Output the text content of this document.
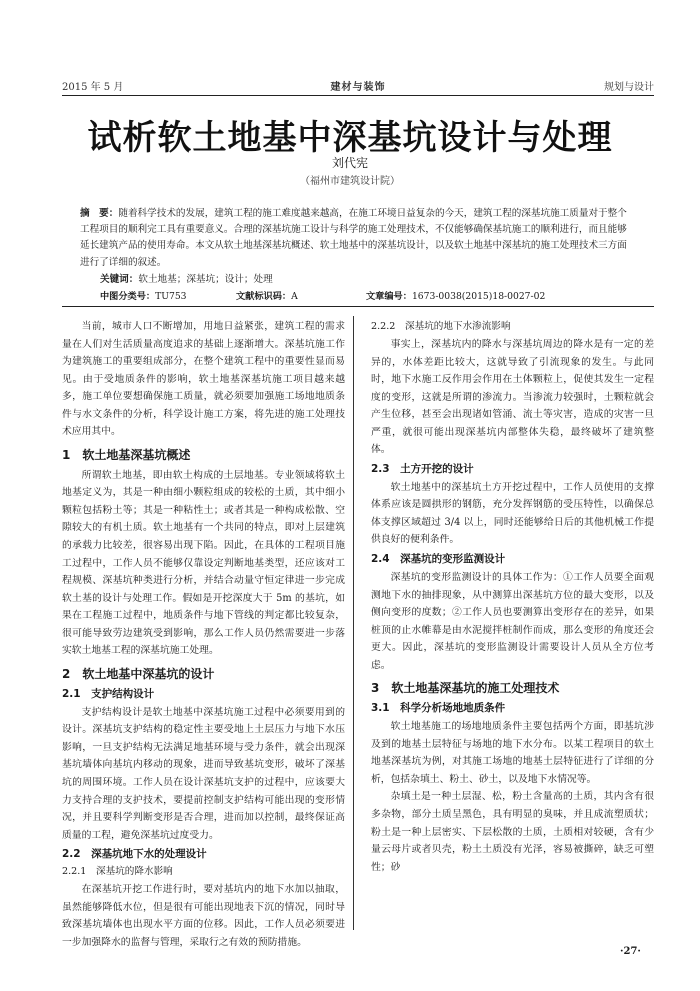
2015 年 5 月	建材与装饰	规划与设计
试析软土地基中深基坑设计与处理
刘代宪
（福州市建筑设计院）
摘　要：随着科学技术的发展，建筑工程的施工难度越来越高，在施工环境日益复杂的今天，建筑工程的深基坑施工质量对于整个工程项目的顺利完工具有重要意义。合理的深基坑施工设计与科学的施工处理技术，不仅能够确保基坑施工的顺利进行，而且能够延长建筑产品的使用寿命。本文从软土地基深基坑概述、软土地基中的深基坑设计，以及软土地基中深基坑的施工处理技术三方面进行了详细的叙述。
关键词：软土地基；深基坑；设计；处理
中图分类号：TU753	文献标识码：A	文章编号：1673-0038(2015)18-0027-02

当前，城市人口不断增加，用地日益紧张，建筑工程的需求量在人们对生活质量高度追求的基础上逐渐增大。深基坑施工作为建筑施工的重要组成部分，在整个建筑工程中的重要性显而易见。由于受地质条件的影响，软土地基深基坑施工项目越来越多，施工单位要想确保施工质量，就必须要加强施工场地地质条件与水文条件的分析，科学设计施工方案，将先进的施工处理技术应用其中。

1　软土地基深基坑概述

所谓软土地基，即由软土构成的土层地基。专业领域将软土地基定义为，其是一种由细小颗粒组成的较松的土质，其中细小颗粒包括粉土等；其是一种粘性土；或者其是一种构成松散、空隙较大的有机土质。软土地基有一个共同的特点，即对上层建筑的承载力比较差，很容易出现下陷。因此，在具体的工程项目施工过程中，工作人员不能够仅靠设定判断地基类型，还应该对工程规模、深基坑种类进行分析，并结合动量守恒定律进一步完成软土基的设计与处理工作。假如是开挖深度大于 5m 的基坑，如果在工程施工过程中，地质条件与地下管线的判定都比较复杂，很可能导致劳边建筑受到影响，那么工作人员仍然需要进一步落实软土地基工程的深基坑施工处理。

2　软土地基中深基坑的设计
2.1　支护结构设计

支护结构设计是软土地基中深基坑施工过程中必须要用到的设计。深基坑支护结构的稳定性主要受地上土层压力与地下水压影响，一旦支护结构无法满足地基环境与受力条件，就会出现深基坑墙体向基坑内移动的现象，进而导致基坑变形，破坏了深基坑的周围环境。工作人员在设计深基坑支护的过程中，应该要大力支持合理的支护技术，要提前控制支护结构可能出现的变形情况，并且要科学判断变形是否合理，进而加以控制，最终保证高质量的工程，避免深基坑过度受力。

2.2　深基坑地下水的处理设计
2.2.1　深基坑的降水影响

在深基坑开挖工作进行时，要对基坑内的地下水加以抽取，虽然能够降低水位，但是很有可能出现地表下沉的情况，同时导致深基坑墙体也出现水平方面的位移。因此，工作人员必须要进一步加强降水的监督与管理，采取行之有效的预防措施。

2.2.2　深基坑的地下水渗流影响

事实上，深基坑内的降水与深基坑周边的降水是有一定的差异的，水体差距比较大，这就导致了引流现象的发生。与此同时，地下水施工反作用会作用在土体颗粒上，促使其发生一定程度的变形，这就是所谓的渗流力。当渗流力较强时，土颗粒就会产生位移，甚至会出现诸如管涌、流土等灾害，造成的灾害一旦严重，就很可能出现深基坑内部整体失稳，最终破坏了建筑整体。

2.3　土方开挖的设计

软土地基中的深基坑土方开挖过程中，工作人员使用的支撑体系应该是圆拱形的钢筋，充分发挥钢筋的受压特性，以确保总体支撑区域超过 3/4 以上，同时还能够给日后的其他机械工作提供良好的便利条件。

2.4　深基坑的变形监测设计

深基坑的变形监测设计的具体工作为：①工作人员要全面观测地下水的抽排现象，从中测算出深基坑方位的最大变形，以及侧向变形的度数；②工作人员也要测算出变形存在的差异，如果桩顶的止水帷幕是由水泥搅拌桩制作而成，那么变形的角度还会更大。因此，深基坑的变形监测设计需要设计人员从全方位考虑。

3　软土地基深基坑的施工处理技术
3.1　科学分析场地地质条件

软土地基施工的场地地质条件主要包括两个方面，即基坑涉及到的地基土层特征与场地的地下水分布。以某工程项目的软土地基深基坑为例，对其施工场地的地基土层特征进行了详细的分析，包括杂填土、粉土、砂土，以及地下水情况等。

杂填土是一种土层湿、松，粉土含量高的土质，其内含有很多杂物，部分土质呈黑色，具有明显的臭味，并且成流塑质状；粉土是一种上层密实、下层松散的土质，土质相对较硬，含有少量云母片或者贝壳，粉土土质没有光泽，容易被撕碎，缺乏可塑性；砂

·27·
